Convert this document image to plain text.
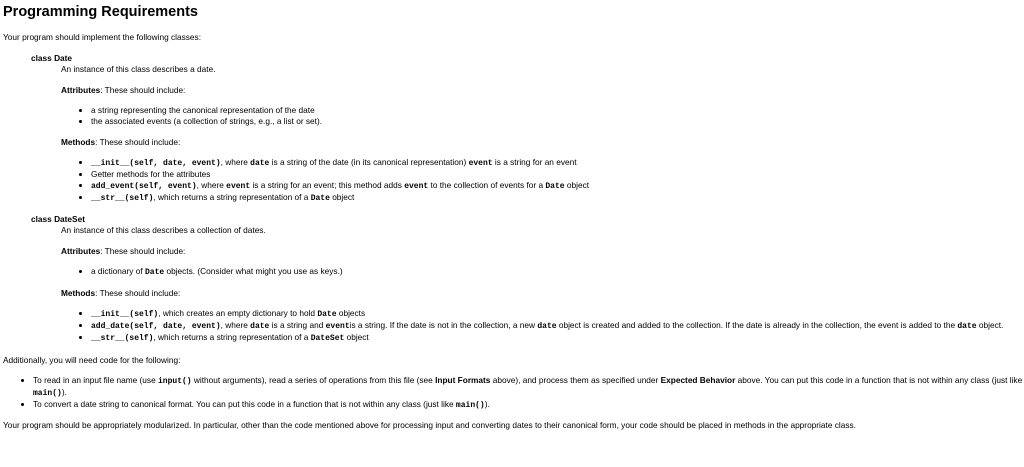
Programming Requirements

Your program should implement the following classes:

class Date

An instance of this class describes a date.

Attributes: These should include:

• a string representing the canonical representation of the date
• the associated events (a collection of strings, e.g., a list or set).

Methods: These should include:

• __init__(self, date, event), where date is a string of the date (in its canonical representation) event is a string for an event
• Getter methods for the attributes
• add_event(self, event), where event is a string for an event; this method adds event to the collection of events for a Date object
• __str__(self), which returns a string representation of a Date object
class DateSet

An instance of this class describes a collection of dates.

Attributes: These should include:

• a dictionary of Date objects. (Consider what might you use as keys.)

Methods: These should include:

• __init__(self), which creates an empty dictionary to hold Date objects
• add_date(self, date, event), where date is a string and eventis a string. If the date is not in the collection, a new date object is created and added to the collection. If the date is already in the collection, the event is added to the date object.
• __str__(self), which returns a string representation of a DateSet object

Additionally, you will need code for the following:

• To read in an input file name (use input() without arguments), read a series of operations from this file (see Input Formats above), and process them as specified under Expected Behavior above. You can put this code in a function that is not within any class (just like main()).
• To convert a date string to canonical format. You can put this code in a function that is not within any class (just like main()).

Your program should be appropriately modularized. In particular, other than the code mentioned above for processing input and converting dates to their canonical form, your code should be placed in methods in the appropriate class.
